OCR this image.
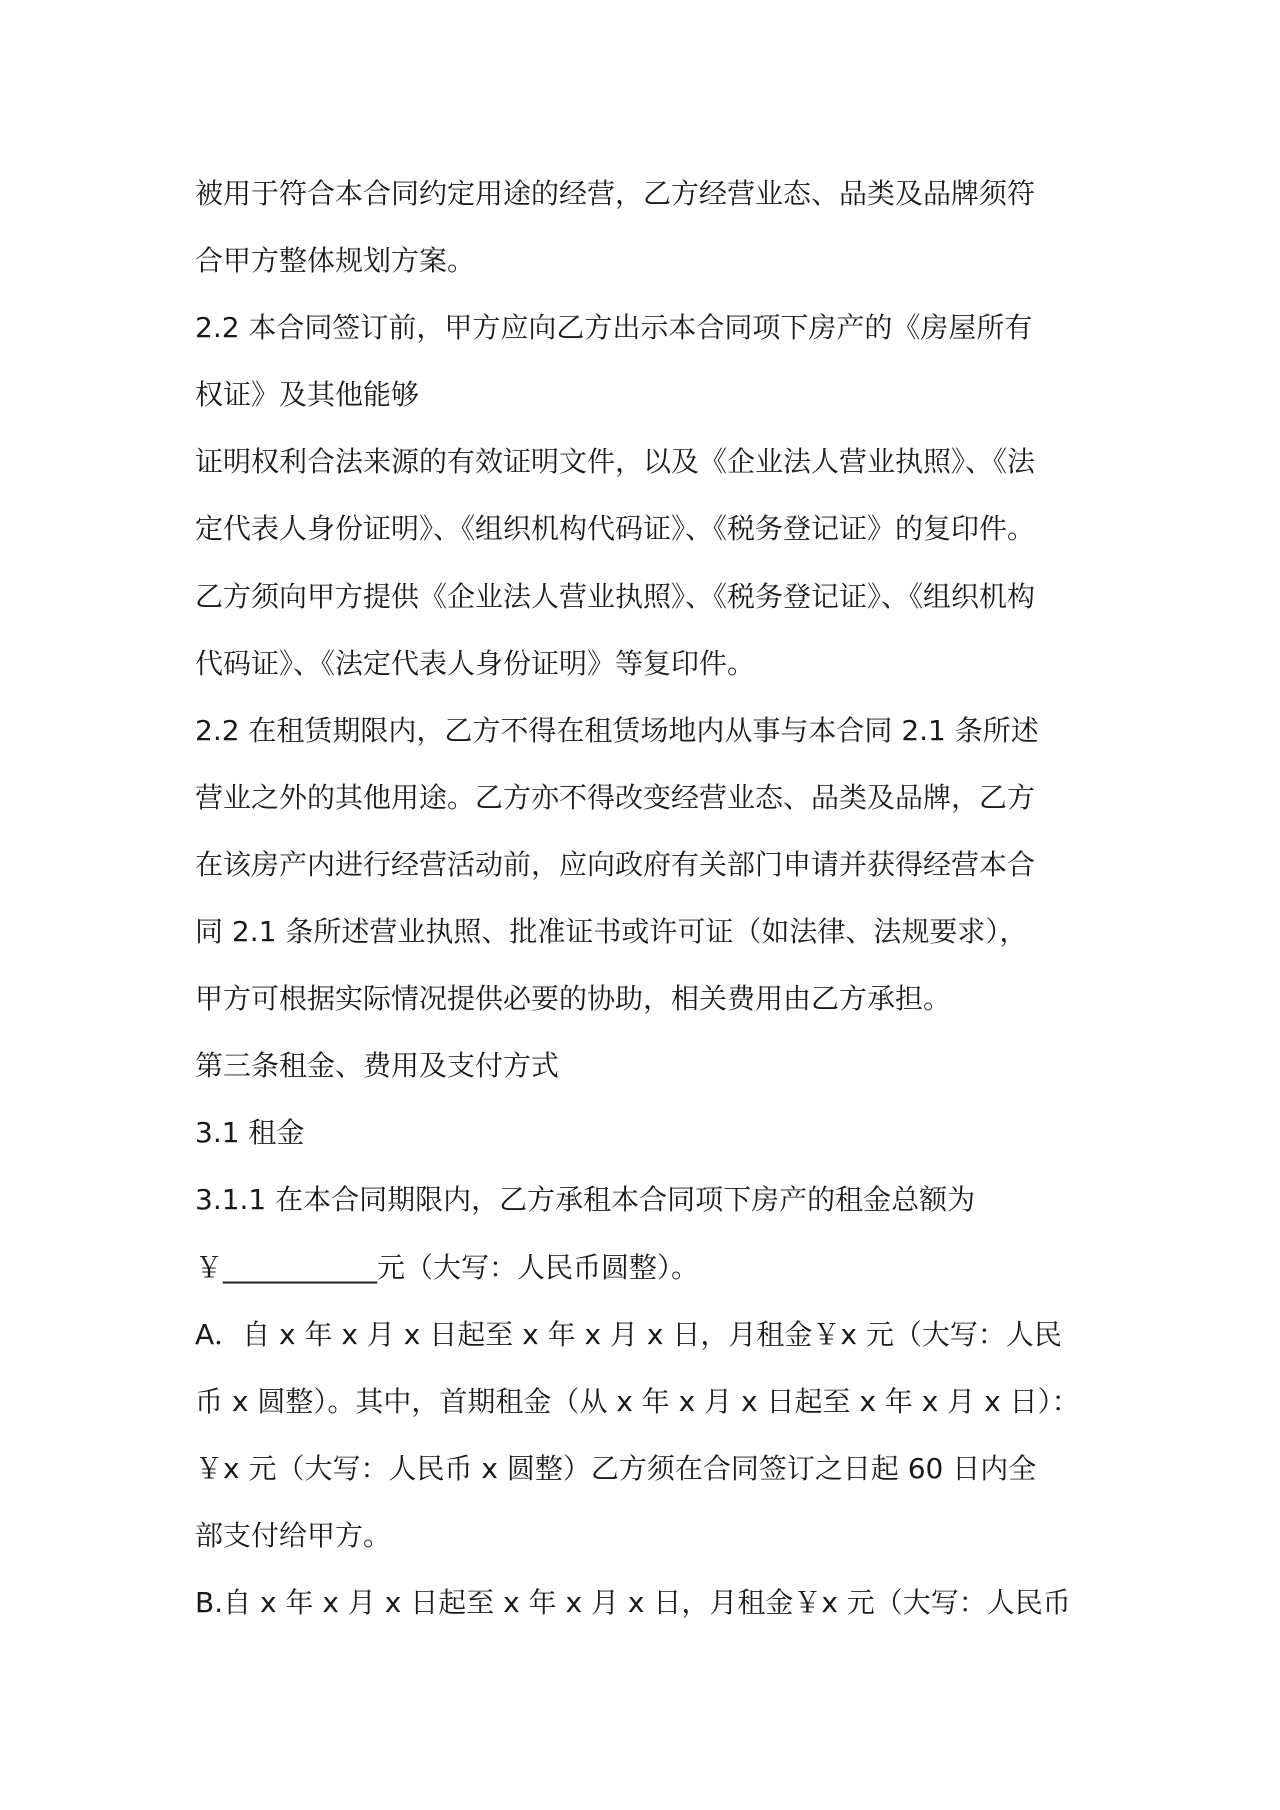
被用于符合本合同约定用途的经营，乙方经营业态、品类及品牌须符
合甲方整体规划方案。
2.2 本合同签订前，甲方应向乙方出示本合同项下房产的《房屋所有
权证》及其他能够
证明权利合法来源的有效证明文件，以及《企业法人营业执照》、《法
定代表人身份证明》、《组织机构代码证》、《税务登记证》的复印件。
乙方须向甲方提供《企业法人营业执照》、《税务登记证》、《组织机构
代码证》、《法定代表人身份证明》等复印件。
2.2 在租赁期限内，乙方不得在租赁场地内从事与本合同 2.1 条所述
营业之外的其他用途。乙方亦不得改变经营业态、品类及品牌，乙方
在该房产内进行经营活动前，应向政府有关部门申请并获得经营本合
同 2.1 条所述营业执照、批准证书或许可证（如法律、法规要求），
甲方可根据实际情况提供必要的协助，相关费用由乙方承担。
第三条租金、费用及支付方式
3.1 租金
3.1.1 在本合同期限内，乙方承租本合同项下房产的租金总额为
￥___________元（大写：人民币圆整）。
A．自 x 年 x 月 x 日起至 x 年 x 月 x 日，月租金￥x 元（大写：人民
币 x 圆整）。其中，首期租金（从 x 年 x 月 x 日起至 x 年 x 月 x 日）：
￥x 元（大写：人民币 x 圆整）乙方须在合同签订之日起 60 日内全
部支付给甲方。
B.自 x 年 x 月 x 日起至 x 年 x 月 x 日，月租金￥x 元（大写：人民币
